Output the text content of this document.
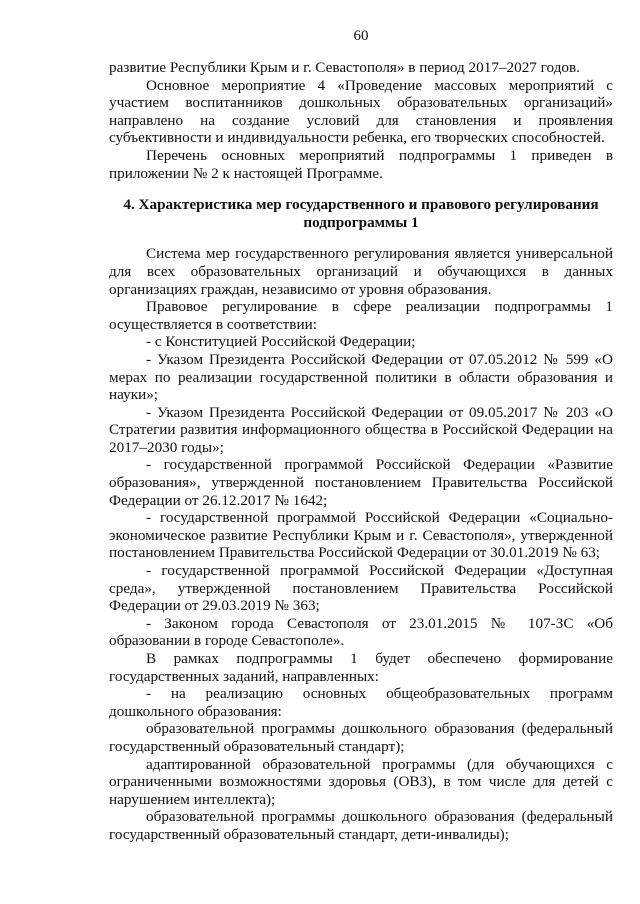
60

развитие Республики Крым и г. Севастополя» в период 2017–2027 годов.

Основное мероприятие 4 «Проведение массовых мероприятий с участием воспитанников дошкольных образовательных организаций» направлено на создание условий для становления и проявления субъективности и индивидуальности ребенка, его творческих способностей.

Перечень основных мероприятий подпрограммы 1 приведен в приложении № 2 к настоящей Программе.

4. Характеристика мер государственного и правового регулирования подпрограммы 1

Система мер государственного регулирования является универсальной для всех образовательных организаций и обучающихся в данных организациях граждан, независимо от уровня образования.

Правовое регулирование в сфере реализации подпрограммы 1 осуществляется в соответствии:

- с Конституцией Российской Федерации;

- Указом Президента Российской Федерации от 07.05.2012 № 599 «О мерах по реализации государственной политики в области образования и науки»;

- Указом Президента Российской Федерации от 09.05.2017 № 203 «О Стратегии развития информационного общества в Российской Федерации на 2017–2030 годы»;

- государственной программой Российской Федерации «Развитие образования», утвержденной постановлением Правительства Российской Федерации от 26.12.2017 № 1642;

- государственной программой Российской Федерации «Социально-экономическое развитие Республики Крым и г. Севастополя», утвержденной постановлением Правительства Российской Федерации от 30.01.2019 № 63;

- государственной программой Российской Федерации «Доступная среда», утвержденной постановлением Правительства Российской Федерации от 29.03.2019 № 363;

- Законом города Севастополя от 23.01.2015 № 107-ЗС «Об образовании в городе Севастополе».

В рамках подпрограммы 1 будет обеспечено формирование государственных заданий, направленных:

- на реализацию основных общеобразовательных программ дошкольного образования:

образовательной программы дошкольного образования (федеральный государственный образовательный стандарт);

адаптированной образовательной программы (для обучающихся с ограниченными возможностями здоровья (ОВЗ), в том числе для детей с нарушением интеллекта);

образовательной программы дошкольного образования (федеральный государственный образовательный стандарт, дети-инвалиды);
